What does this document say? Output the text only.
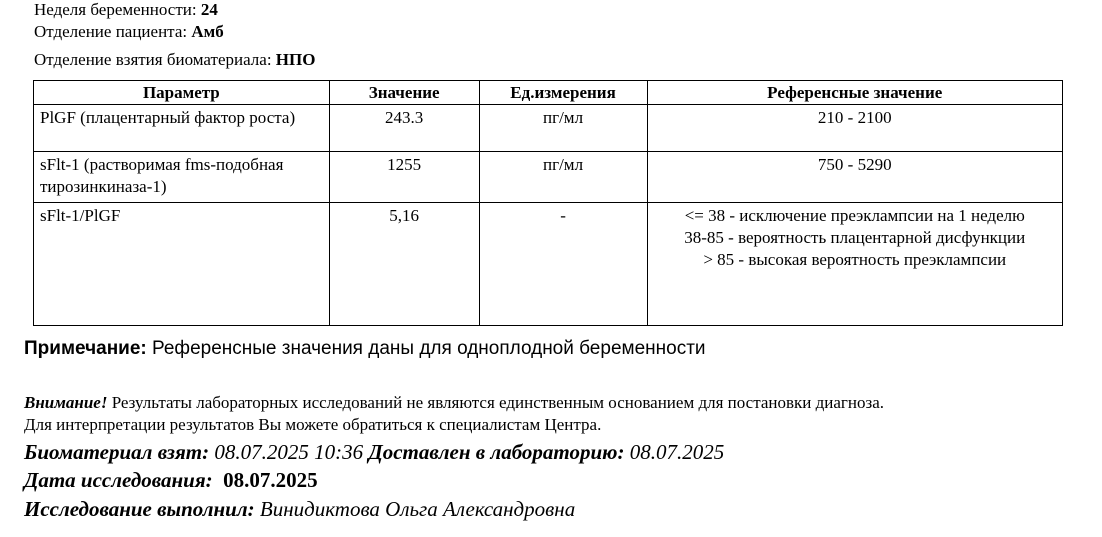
Неделя беременности: 24
Отделение пациента: Амб
Отделение взятия биоматериала: НПО
Параметр	Значение	Ед.измерения	Референсные значение
PlGF (плацентарный фактор роста)	243.3	пг/мл	210 - 2100

sFlt-1 (растворимая fms-подобная тирозинкиназа-1)	1255	пг/мл	750 - 5290

sFlt-1/PlGF	5,16	-	<= 38 - исключение преэклампсии на 1 неделю
38-85 - вероятность плацентарной дисфункции
> 85 - высокая вероятность преэклампсии
Примечание: Референсные значения даны для одноплодной беременности
Внимание! Результаты лабораторных исследований не являются единственным основанием для постановки диагноза.
Для интерпретации результатов Вы можете обратиться к специалистам Центра.
Биоматериал взят: 08.07.2025 10:36 Доставлен в лабораторию: 08.07.2025
Дата исследования: 08.07.2025
Исследование выполнил: Винидиктова Ольга Александровна
